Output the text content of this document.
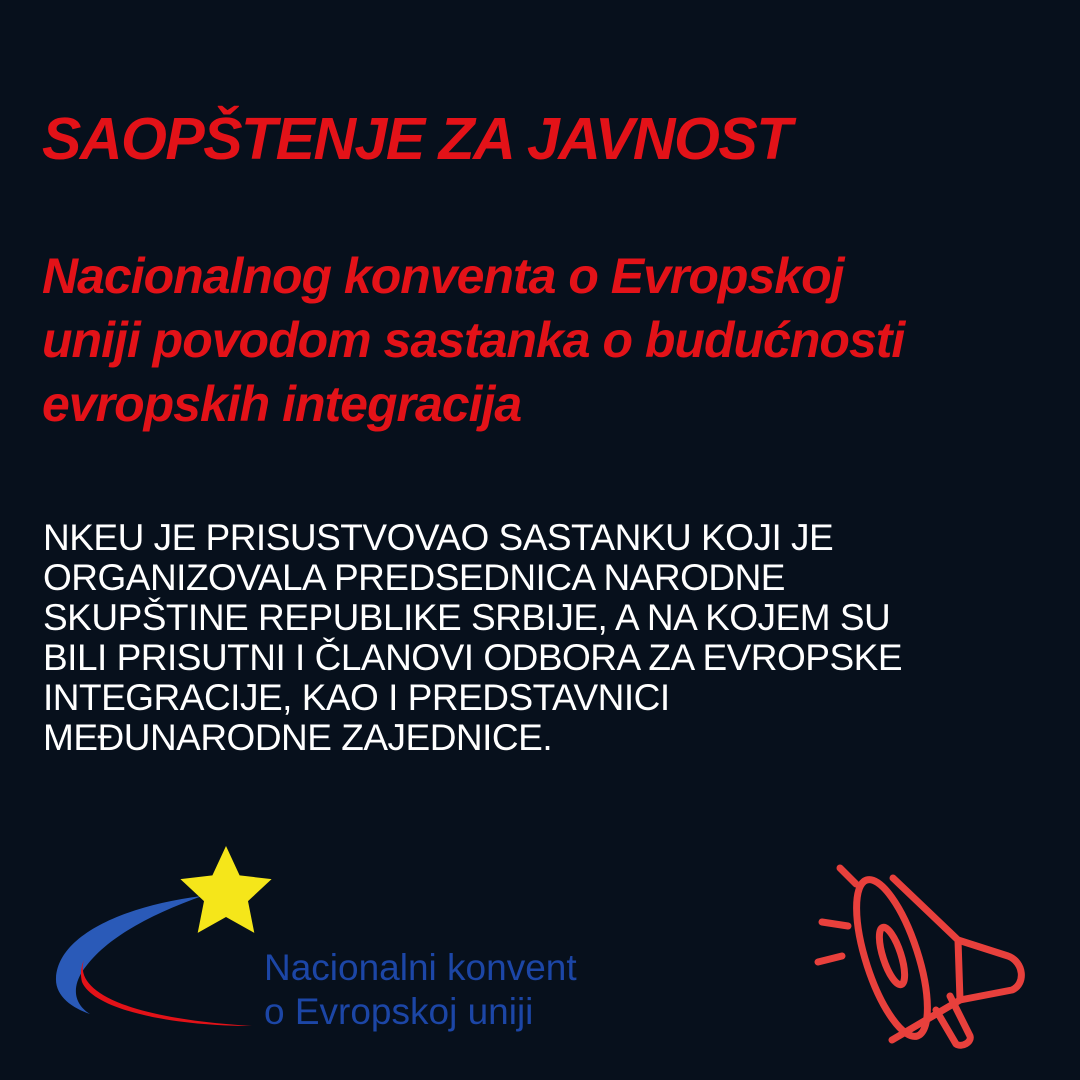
SAOPŠTENJE ZA JAVNOST
Nacionalnog konventa o Evropskoj
uniji povodom sastanka o budućnosti
evropskih integracija

NKEU JE PRISUSTVOVAO SASTANKU KOJI JE
ORGANIZOVALA PREDSEDNICA NARODNE
SKUPŠTINE REPUBLIKE SRBIJE, A NA KOJEM SU
BILI PRISUTNI I ČLANOVI ODBORA ZA EVROPSKE
INTEGRACIJE, KAO I PREDSTAVNICI
MEĐUNARODNE ZAJEDNICE.

Nacionalni konvent
o Evropskoj uniji
